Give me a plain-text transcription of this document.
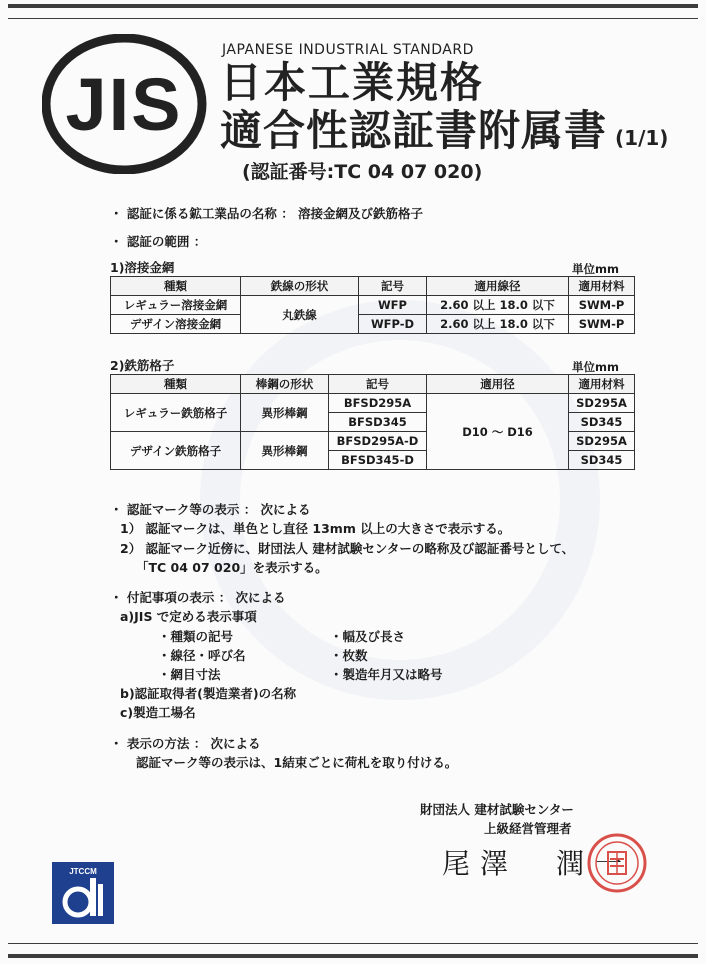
JIS
JAPANESE INDUSTRIAL STANDARD
日本工業規格
適合性認証書附属書 (1/1)
(認証番号:TC 04 07 020)
・ 認証に係る鉱工業品の名称 ： 溶接金網及び鉄筋格子
・ 認証の範囲 ：
1)溶接金網	単位mm
種類	鉄線の形状	記号	適用線径	適用材料
レギュラー溶接金網	丸鉄線	WFP	2.60 以上 18.0 以下	SWM-P
デザイン溶接金網		WFP-D	2.60 以上 18.0 以下	SWM-P
2)鉄筋格子	単位mm
種類	棒鋼の形状	記号	適用径	適用材料
レギュラー鉄筋格子	異形棒鋼	BFSD295A	D10 ～ D16	SD295A
		BFSD345		SD345
デザイン鉄筋格子	異形棒鋼	BFSD295A-D		SD295A
		BFSD345-D		SD345
・ 認証マーク等の表示 ： 次による
1） 認証マークは、単色とし直径 13mm 以上の大きさで表示する。
2） 認証マーク近傍に、財団法人 建材試験センターの略称及び認証番号として、
「TC 04 07 020」を表示する。
・ 付記事項の表示 ： 次による
a)JIS で定める表示事項
・種類の記号
・線径・呼び名
・網目寸法
・幅及び長さ
・枚数
・製造年月又は略号
b)認証取得者(製造業者)の名称
c)製造工場名
・ 表示の方法 ： 次による
認証マーク等の表示は、1結束ごとに荷札を取り付ける。
財団法人 建材試験センター
上級経営管理者
尾澤　潤一
JTCCM
